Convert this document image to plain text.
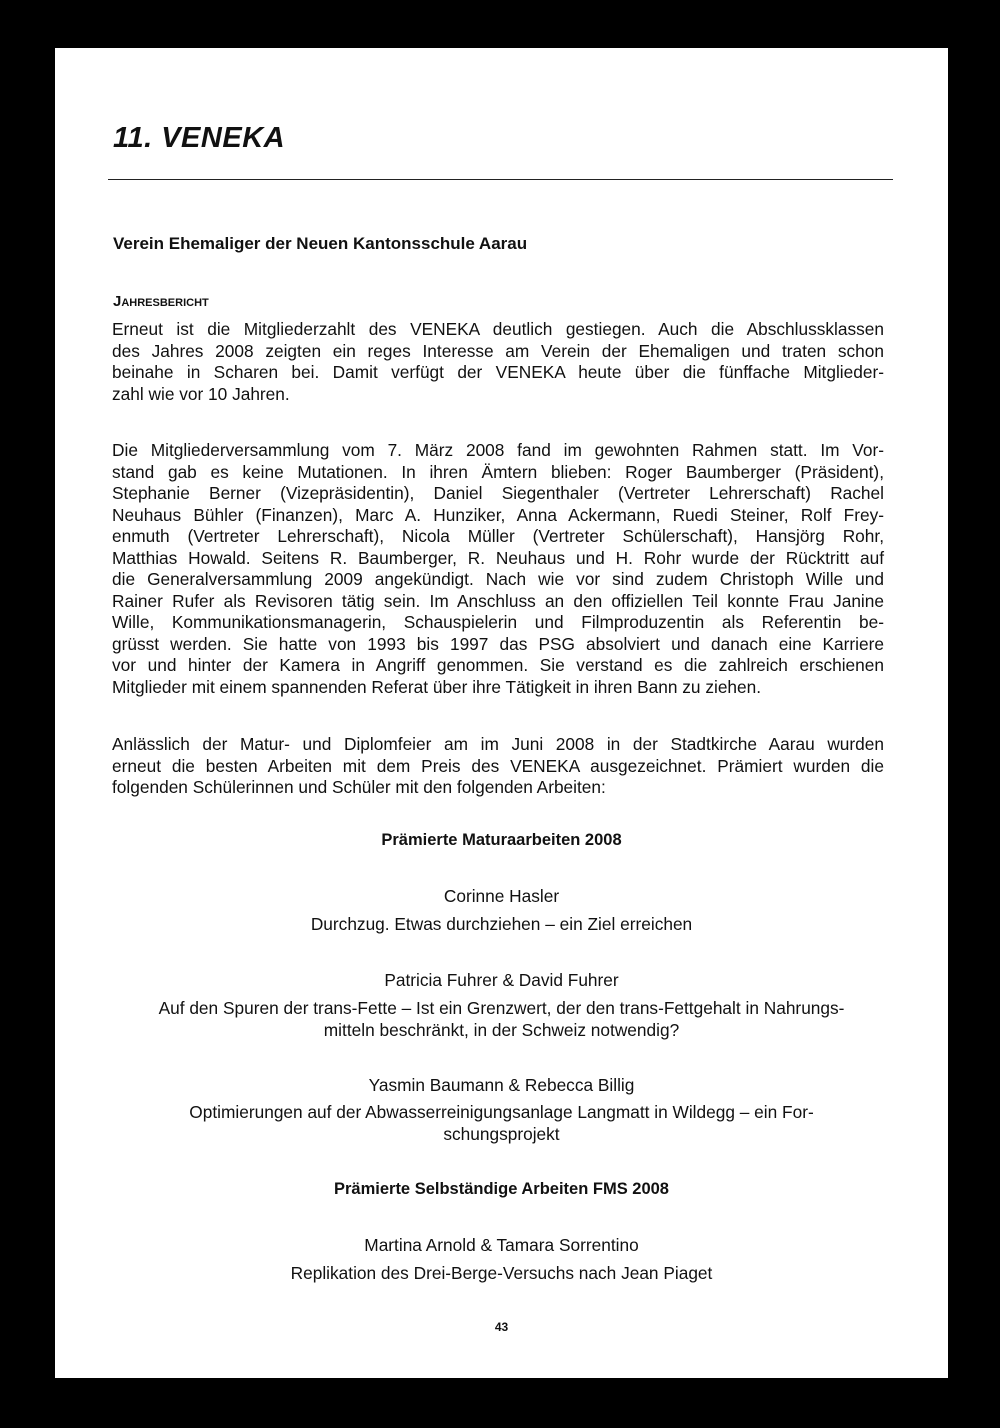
11. VENEKA
Verein Ehemaliger der Neuen Kantonsschule Aarau
Jahresbericht
Erneut ist die Mitgliederzahlt des VENEKA deutlich gestiegen. Auch die Abschlussklassen
des Jahres 2008 zeigten ein reges Interesse am Verein der Ehemaligen und traten schon
beinahe in Scharen bei. Damit verfügt der VENEKA heute über die fünffache Mitglieder-
zahl wie vor 10 Jahren.
Die Mitgliederversammlung vom 7. März 2008 fand im gewohnten Rahmen statt. Im Vor-
stand gab es keine Mutationen. In ihren Ämtern blieben: Roger Baumberger (Präsident),
Stephanie Berner (Vizepräsidentin), Daniel Siegenthaler (Vertreter Lehrerschaft) Rachel
Neuhaus Bühler (Finanzen), Marc A. Hunziker, Anna Ackermann, Ruedi Steiner, Rolf Frey-
enmuth (Vertreter Lehrerschaft), Nicola Müller (Vertreter Schülerschaft), Hansjörg Rohr,
Matthias Howald. Seitens R. Baumberger, R. Neuhaus und H. Rohr wurde der Rücktritt auf
die Generalversammlung 2009 angekündigt. Nach wie vor sind zudem Christoph Wille und
Rainer Rufer als Revisoren tätig sein. Im Anschluss an den offiziellen Teil konnte Frau Janine
Wille, Kommunikationsmanagerin, Schauspielerin und Filmproduzentin als Referentin be-
grüsst werden. Sie hatte von 1993 bis 1997 das PSG absolviert und danach eine Karriere
vor und hinter der Kamera in Angriff genommen. Sie verstand es die zahlreich erschienen
Mitglieder mit einem spannenden Referat über ihre Tätigkeit in ihren Bann zu ziehen.
Anlässlich der Matur- und Diplomfeier am im Juni 2008 in der Stadtkirche Aarau wurden
erneut die besten Arbeiten mit dem Preis des VENEKA ausgezeichnet. Prämiert wurden die
folgenden Schülerinnen und Schüler mit den folgenden Arbeiten:
Prämierte Maturaarbeiten 2008
Corinne Hasler
Durchzug. Etwas durchziehen – ein Ziel erreichen
Patricia Fuhrer & David Fuhrer
Auf den Spuren der trans-Fette – Ist ein Grenzwert, der den trans-Fettgehalt in Nahrungs-
mitteln beschränkt, in der Schweiz notwendig?
Yasmin Baumann & Rebecca Billig
Optimierungen auf der Abwasserreinigungsanlage Langmatt in Wildegg – ein For-
schungsprojekt
Prämierte Selbständige Arbeiten FMS 2008
Martina Arnold & Tamara Sorrentino
Replikation des Drei-Berge-Versuchs nach Jean Piaget
43
